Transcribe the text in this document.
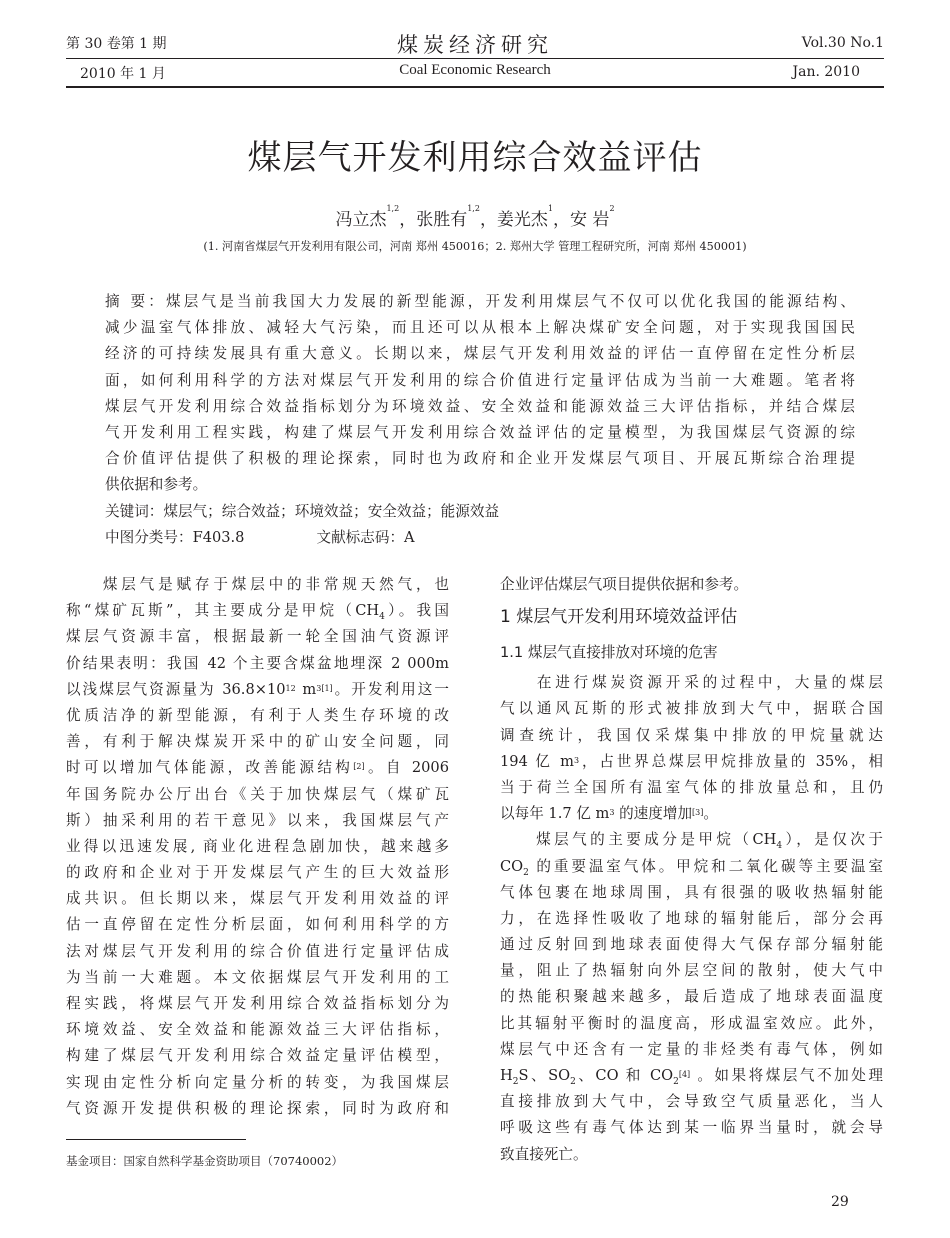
第 30 卷第 1 期	煤炭经济研究	Vol.30 No.1
2010 年 1 月	Coal Economic Research	Jan. 2010
煤层气开发利用综合效益评估
冯立杰$^{1,2}$，张胜有$^{1,2}$，姜光杰$^1$，安 岩$^2$
(1. 河南省煤层气开发利用有限公司，河南 郑州 450016；2. 郑州大学 管理工程研究所，河南 郑州 450001)
摘 要：煤层气是当前我国大力发展的新型能源，开发利用煤层气不仅可以优化我国的能源结构、
减少温室气体排放、减轻大气污染，而且还可以从根本上解决煤矿安全问题，对于实现我国国民
经济的可持续发展具有重大意义。长期以来，煤层气开发利用效益的评估一直停留在定性分析层
面，如何利用科学的方法对煤层气开发利用的综合价值进行定量评估成为当前一大难题。笔者将
煤层气开发利用综合效益指标划分为环境效益、安全效益和能源效益三大评估指标，并结合煤层
气开发利用工程实践，构建了煤层气开发利用综合效益评估的定量模型，为我国煤层气资源的综
合价值评估提供了积极的理论探索，同时也为政府和企业开发煤层气项目、开展瓦斯综合治理提
供依据和参考。
关键词：煤层气；综合效益；环境效益；安全效益；能源效益
中图分类号：F403.8	文献标志码：A
　　煤层气是赋存于煤层中的非常规天然气，也
称“煤矿瓦斯”，其主要成分是甲烷$(CH_4)$。我国
煤层气资源丰富，根据最新一轮全国油气资源评
价结果表明：我国 42 个主要含煤盆地埋深 2 000m
以浅煤层气资源量为 $36.8\times 10^{12}$ $m^{3[1]}$。开发利用这一
优质洁净的新型能源，有利于人类生存环境的改
善，有利于解决煤炭开采中的矿山安全问题，同
时可以增加气体能源，改善能源结构[2]。自 2006
年国务院办公厅出台《关于加快煤层气（煤矿瓦
斯）抽采利用的若干意见》以来，我国煤层气产
业得以迅速发展, 商业化进程急剧加快，越来越多
的政府和企业对于开发煤层气产生的巨大效益形
成共识。但长期以来，煤层气开发利用效益的评
估一直停留在定性分析层面，如何利用科学的方
法对煤层气开发利用的综合价值进行定量评估成
为当前一大难题。本文依据煤层气开发利用的工
程实践，将煤层气开发利用综合效益指标划分为
环境效益、安全效益和能源效益三大评估指标，
构建了煤层气开发利用综合效益定量评估模型，
实现由定性分析向定量分析的转变，为我国煤层
气资源开发提供积极的理论探索，同时为政府和
企业评估煤层气项目提供依据和参考。
1 煤层气开发利用环境效益评估
1.1 煤层气直接排放对环境的危害
　　在进行煤炭资源开采的过程中，大量的煤层
气以通风瓦斯的形式被排放到大气中，据联合国
调查统计，我国仅采煤集中排放的甲烷量就达
194 亿 $m^3$，占世界总煤层甲烷排放量的 35%，相
当于荷兰全国所有温室气体的排放量总和，且仍
以每年 1.7 亿 $m^3$ 的速度增加[3]。
　　煤层气的主要成分是甲烷$(CH_4)$，是仅次于
$CO_2$ 的重要温室气体。甲烷和二氧化碳等主要温室
气体包裹在地球周围，具有很强的吸收热辐射能
力，在选择性吸收了地球的辐射能后，部分会再
通过反射回到地球表面使得大气保存部分辐射能
量，阻止了热辐射向外层空间的散射，使大气中
的热能积聚越来越多，最后造成了地球表面温度
比其辐射平衡时的温度高，形成温室效应。此外，
煤层气中还含有一定量的非烃类有毒气体，例如
$H_2S$、$SO_2$、CO 和 $CO_2[4]$ 。如果将煤层气不加处理
直接排放到大气中，会导致空气质量恶化，当人
呼吸这些有毒气体达到某一临界当量时，就会导
致直接死亡。
基金项目：国家自然科学基金资助项目（70740002）
29
